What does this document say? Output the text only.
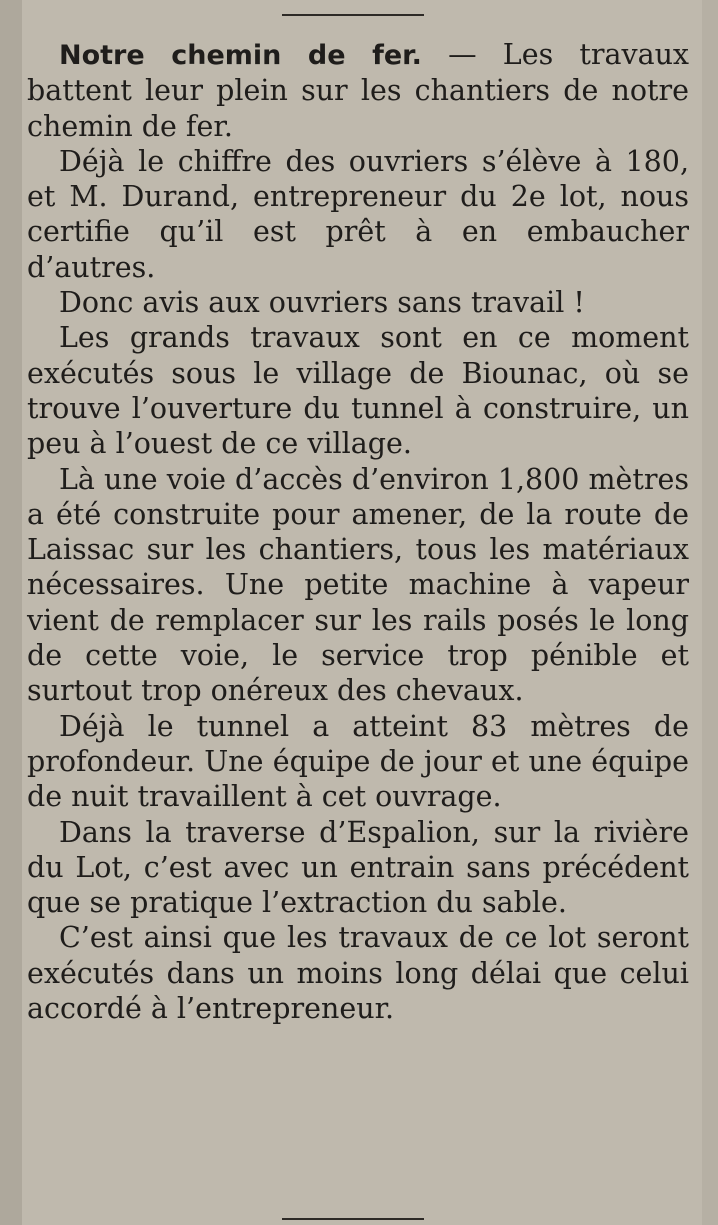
Notre chemin de fer. — Les travaux battent leur plein sur les chantiers de notre chemin de fer.

Déjà le chiffre des ouvriers s’élève à 180, et M. Durand, entrepreneur du 2e lot, nous certifie qu’il est prêt à en embaucher d’autres.

Donc avis aux ouvriers sans travail !

Les grands travaux sont en ce moment exécutés sous le village de Biounac, où se trouve l’ouverture du tunnel à construire, un peu à l’ouest de ce village.

Là une voie d’accès d’environ 1,800 mètres a été construite pour amener, de la route de Laissac sur les chantiers, tous les matériaux nécessaires. Une petite machine à vapeur vient de remplacer sur les rails posés le long de cette voie, le service trop pénible et surtout trop onéreux des chevaux.

Déjà le tunnel a atteint 83 mètres de profondeur. Une équipe de jour et une équipe de nuit travaillent à cet ouvrage.

Dans la traverse d’Espalion, sur la rivière du Lot, c’est avec un entrain sans précédent que se pratique l’extraction du sable.

C’est ainsi que les travaux de ce lot seront exécutés dans un moins long délai que celui accordé à l’entrepreneur.
